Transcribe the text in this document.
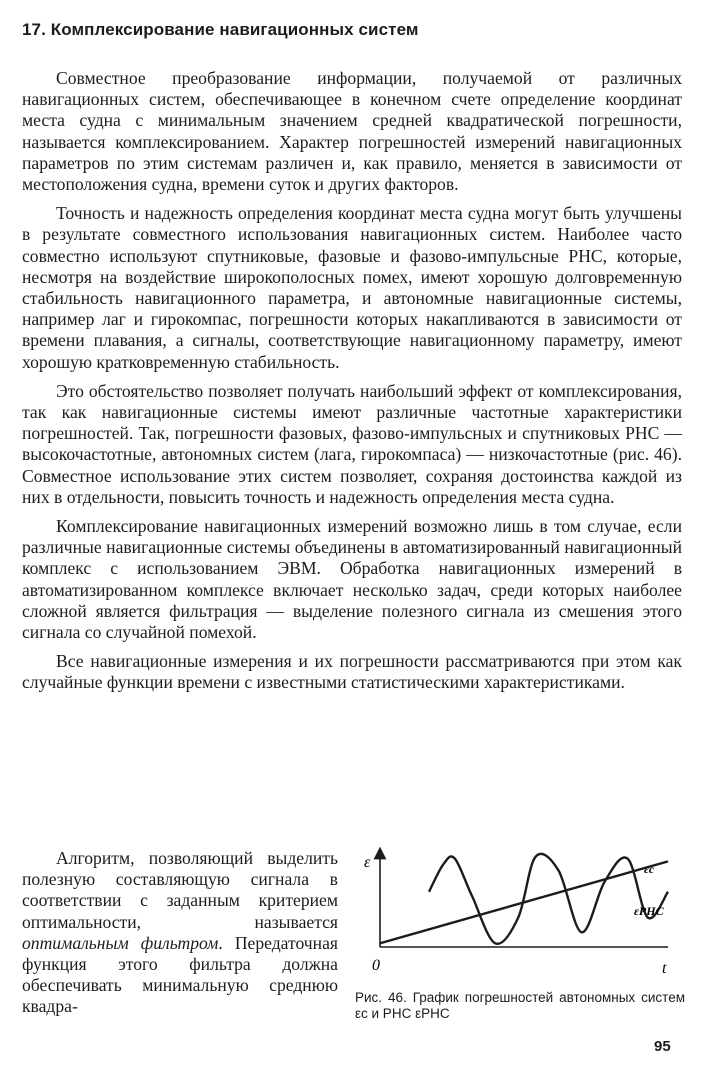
17. Комплексирование навигационных систем

Совместное преобразование информации, получаемой от различных навигационных систем, обеспечивающее в конечном счете определение координат места судна с минимальным значением средней квадратической погрешности, называется комплексированием. Характер погрешностей измерений навигационных параметров по этим системам различен и, как правило, меняется в зависимости от местоположения судна, времени суток и других факторов.

Точность и надежность определения координат места судна могут быть улучшены в результате совместного использования навигационных систем. Наиболее часто совместно используют спутниковые, фазовые и фазово-импульсные РНС, которые, несмотря на воздействие широкополосных помех, имеют хорошую долговременную стабильность навигационного параметра, и автономные навигационные системы, например лаг и гирокомпас, погрешности которых накапливаются в зависимости от времени плавания, а сигналы, соответствующие навигационному параметру, имеют хорошую кратковременную стабильность.

Это обстоятельство позволяет получать наибольший эффект от комплексирования, так как навигационные системы имеют различные частотные характеристики погрешностей. Так, погрешности фазовых, фазово-импульсных и спутниковых РНС — высокочастотные, автономных систем (лага, гирокомпаса) — низкочастотные (рис. 46). Совместное использование этих систем позволяет, сохраняя достоинства каждой из них в отдельности, повысить точность и надежность определения места судна.

Комплексирование навигационных измерений возможно лишь в том случае, если различные навигационные системы объединены в автоматизированный навигационный комплекс с использованием ЭВМ. Обработка навигационных измерений в автоматизированном комплексе включает несколько задач, среди которых наиболее сложной является фильтрация — выделение полезного сигнала из смешения этого сигнала со случайной помехой.

Все навигационные измерения и их погрешности рассматриваются при этом как случайные функции времени с известными статистическими характеристиками.

Алгоритм, позволяющий выделить полезную составляющую сигнала в соответствии с заданным критерием оптимальности, называется оптимальным фильтром. Передаточная функция этого фильтра должна обеспечивать минимальную среднюю квадра-

ε
t
0
εс
εРНС
Рис. 46. График погрешностей автономных систем εс и РНС εРНС
95
